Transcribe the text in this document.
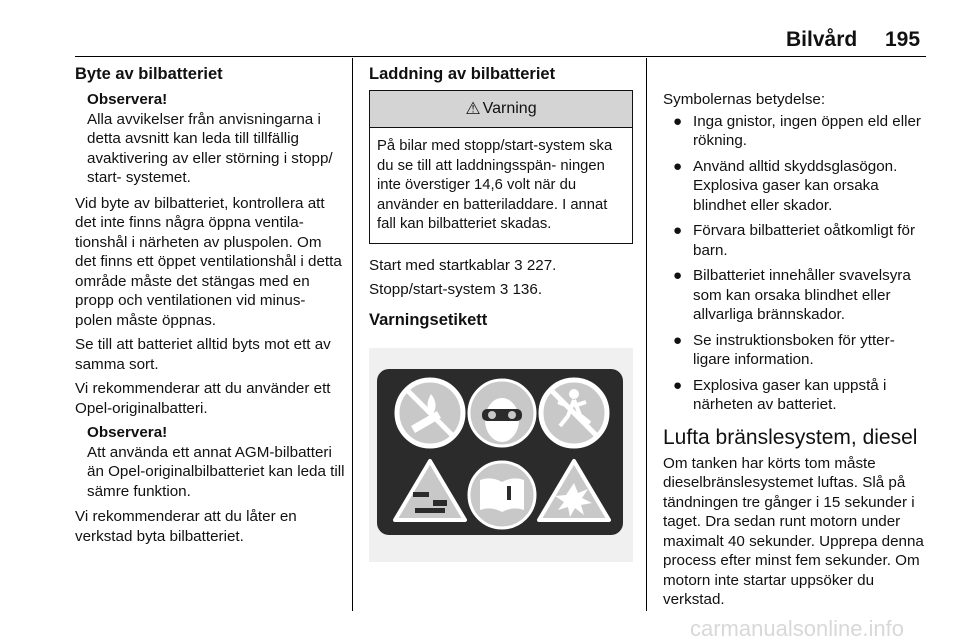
Bilvård 195
Byte av bilbatteriet
Observera!
Alla avvikelser från anvisningarna i detta avsnitt kan leda till tillfällig avaktivering av eller störning i stopp/ start- systemet.

Vid byte av bilbatteriet, kontrollera att det inte finns några öppna ventila- tionshål i närheten av pluspolen. Om det finns ett öppet ventilationshål i detta område måste det stängas med en propp och ventilationen vid minus- polen måste öppnas.

Se till att batteriet alltid byts mot ett av samma sort.

Vi rekommenderar att du använder ett Opel-originalbatteri.

Observera!
Att använda ett annat AGM-bilbatteri än Opel-originalbilbatteriet kan leda till sämre funktion.

Vi rekommenderar att du låter en verkstad byta bilbatteriet.

Laddning av bilbatteriet
⚠ Varning
På bilar med stopp/start-system ska du se till att laddningsspän- ningen inte överstiger 14,6 volt när du använder en batteriladdare. I annat fall kan bilbatteriet skadas.

Start med startkablar 3 227.

Stopp/start-system 3 136.

Varningsetikett

Symbolernas betydelse:

● Inga gnistor, ingen öppen eld eller rökning.
● Använd alltid skyddsglasögon. Explosiva gaser kan orsaka blindhet eller skador.
● Förvara bilbatteriet oåtkomligt för barn.
● Bilbatteriet innehåller svavelsyra som kan orsaka blindhet eller allvarliga brännskador.
● Se instruktionsboken för ytter- ligare information.
● Explosiva gaser kan uppstå i närheten av batteriet.
Lufta bränslesystem, diesel

Om tanken har körts tom måste dieselbränslesystemet luftas. Slå på tändningen tre gånger i 15 sekunder i taget. Dra sedan runt motorn under maximalt 40 sekunder. Upprepa denna process efter minst fem sekunder. Om motorn inte startar uppsöker du verkstad.

carmanualsonline.info
